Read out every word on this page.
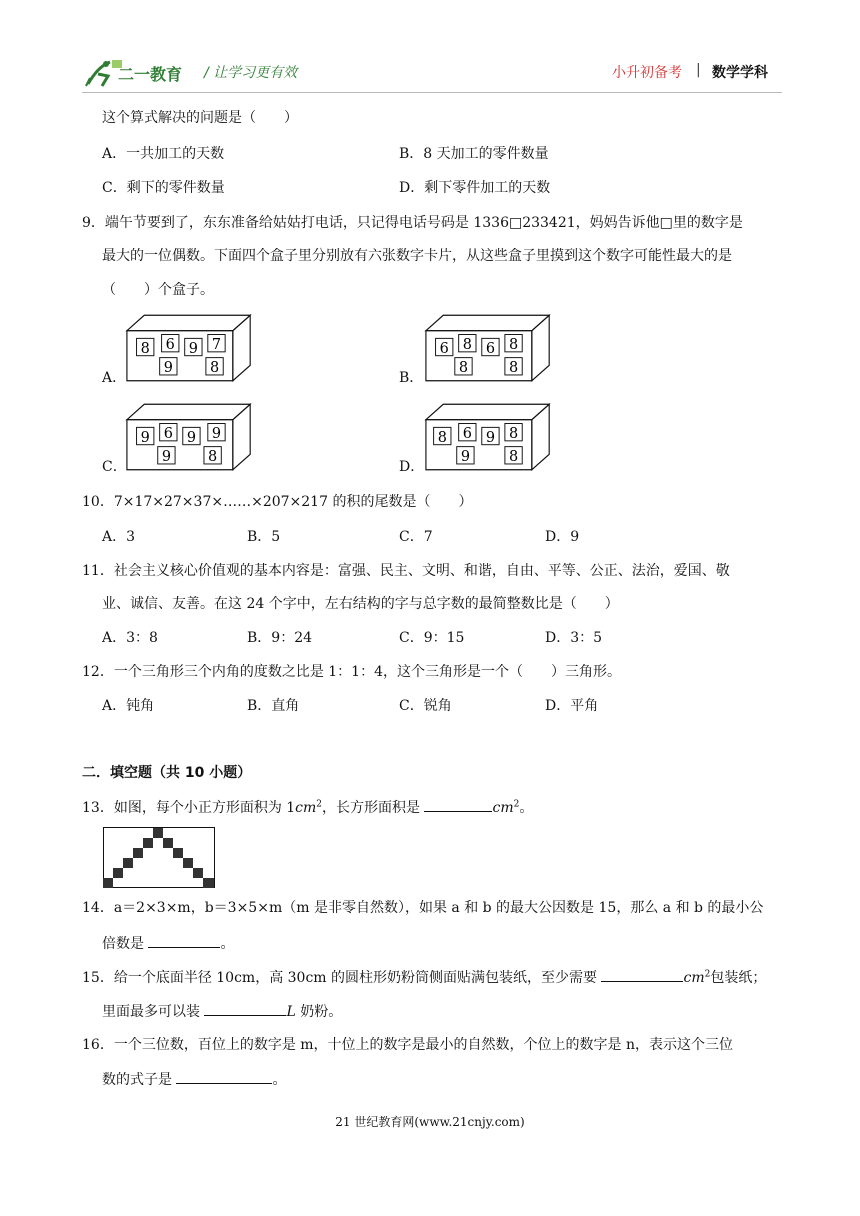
二一教育 / 让学习更有效	小升初备考 | 数学学科
这个算式解决的问题是（　　）
A．一共加工的天数	B．8 天加工的零件数量
C．剩下的零件数量	D．剩下零件加工的天数
9．端午节要到了，东东准备给姑姑打电话，只记得电话号码是 1336□233421，妈妈告诉他□里的数字是
最大的一位偶数。下面四个盒子里分别放有六张数字卡片，从这些盒子里摸到这个数字可能性最大的是
（　　）个盒子。
A．
8 6 9 7
9 8
B．
6 8 6 8
8	8
C．
9 6 9 9
9 8
D．
8 6 9 8
9	8
10．7×17×27×37×……×207×217 的积的尾数是（　　）
A．3	B．5	C．7	D．9
11．社会主义核心价值观的基本内容是：富强、民主、文明、和谐，自由、平等、公正、法治，爱国、敬
业、诚信、友善。在这 24 个字中，左右结构的字与总字数的最简整数比是（　　）
A．3：8	B．9：24	C．9：15	D．3：5
12．一个三角形三个内角的度数之比是 1：1：4，这个三角形是一个（　　）三角形。
A．钝角	B．直角	C．锐角	D．平角
二．填空题（共 10 小题）
13．如图，每个小正方形面积为 $1cm^2$，长方形面积是	$cm^2$。
14．a＝2×3×m，b＝3×5×m（m 是非零自然数），如果 a 和 b 的最大公因数是 15，那么 a 和 b 的最小公
倍数是	。
15．给一个底面半径 10cm，高 30cm 的圆柱形奶粉筒侧面贴满包装纸，至少需要	$cm^2$包装纸；
里面最多可以装	L 奶粉。
16．一个三位数，百位上的数字是 m，十位上的数字是最小的自然数，个位上的数字是 n，表示这个三位
数的式子是	。
21 世纪教育网(www.21cnjy.com)
